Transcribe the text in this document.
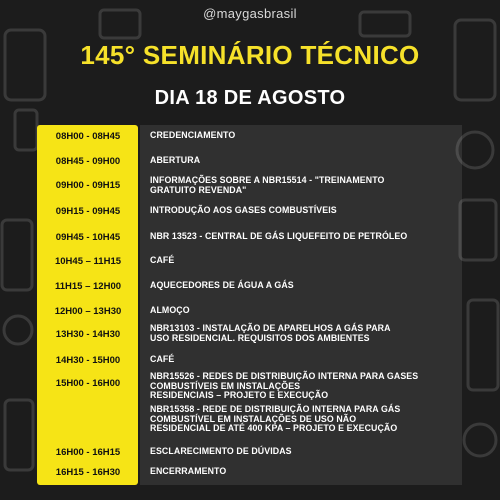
@maygasbrasil
145° SEMINÁRIO TÉCNICO
DIA 18 DE AGOSTO
08H00 - 08H45	CREDENCIAMENTO
08H45 - 09H00	ABERTURA
09H00 - 09H15	INFORMAÇÕES SOBRE A NBR15514 - "TREINAMENTO
GRATUITO REVENDA"
09H15 - 09H45	INTRODUÇÃO AOS GASES COMBUSTÍVEIS
09H45 - 10H45	NBR 13523 - CENTRAL DE GÁS LIQUEFEITO DE PETRÓLEO
10H45 – 11H15	CAFÉ
11H15 – 12H00	AQUECEDORES DE ÁGUA A GÁS
12H00 – 13H30	ALMOÇO
13H30 - 14H30
NBR13103 - INSTALAÇÃO DE APARELHOS A GÁS PARA
USO RESIDENCIAL. REQUISITOS DOS AMBIENTES
14H30 - 15H00	CAFÉ
15H00 - 16H00
NBR15526 - REDES DE DISTRIBUIÇÃO INTERNA PARA GASES
COMBUSTÍVEIS EM INSTALAÇÕES
RESIDENCIAIS – PROJETO E EXECUÇÃO
NBR15358 - REDE DE DISTRIBUIÇÃO INTERNA PARA GÁS
COMBUSTÍVEL EM INSTALAÇÕES DE USO NÃO
RESIDENCIAL DE ATÉ 400 KPA – PROJETO E EXECUÇÃO
16H00 - 16H15	ESCLARECIMENTO DE DÚVIDAS
16H15 - 16H30	ENCERRAMENTO
